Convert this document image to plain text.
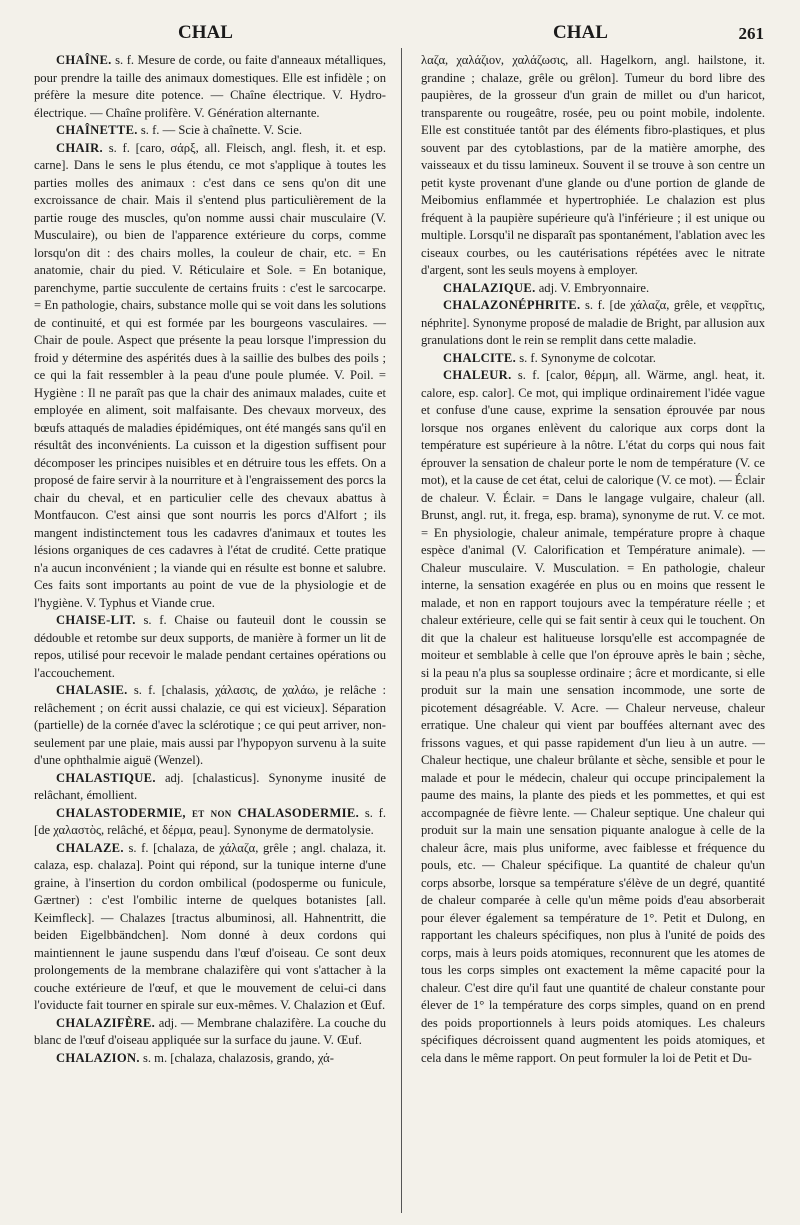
CHAL	CHAL	261

CHAÎNE. s. f. Mesure de corde, ou faite d'anneaux métalliques, pour prendre la taille des animaux domestiques. Elle est infidèle ; on préfère la mesure dite potence. — Chaîne électrique. V. Hydro-électrique. — Chaîne prolifère. V. Génération alternante.

CHAÎNETTE. s. f. — Scie à chaînette. V. Scie.

CHAIR. s. f. [caro, σάρξ, all. Fleisch, angl. flesh, it. et esp. carne]. Dans le sens le plus étendu, ce mot s'applique à toutes les parties molles des animaux : c'est dans ce sens qu'on dit une excroissance de chair. Mais il s'entend plus particulièrement de la partie rouge des muscles, qu'on nomme aussi chair musculaire (V. Musculaire), ou bien de l'apparence extérieure du corps, comme lorsqu'on dit : des chairs molles, la couleur de chair, etc. = En anatomie, chair du pied. V. Réticulaire et Sole. = En botanique, parenchyme, partie succulente de certains fruits : c'est le sarcocarpe. = En pathologie, chairs, substance molle qui se voit dans les solutions de continuité, et qui est formée par les bourgeons vasculaires. — Chair de poule. Aspect que présente la peau lorsque l'impression du froid y détermine des aspérités dues à la saillie des bulbes des poils ; ce qui la fait ressembler à la peau d'une poule plumée. V. Poil. = Hygiène : Il ne paraît pas que la chair des animaux malades, cuite et employée en aliment, soit malfaisante. Des chevaux morveux, des bœufs attaqués de maladies épidémiques, ont été mangés sans qu'il en résultât des inconvénients. La cuisson et la digestion suffisent pour décomposer les principes nuisibles et en détruire tous les effets. On a proposé de faire servir à la nourriture et à l'engraissement des porcs la chair du cheval, et en particulier celle des chevaux abattus à Montfaucon. C'est ainsi que sont nourris les porcs d'Alfort ; ils mangent indistinctement tous les cadavres d'animaux et toutes les lésions organiques de ces cadavres à l'état de crudité. Cette pratique n'a aucun inconvénient ; la viande qui en résulte est bonne et salubre. Ces faits sont importants au point de vue de la physiologie et de l'hygiène. V. Typhus et Viande crue.

CHAISE-LIT. s. f. Chaise ou fauteuil dont le coussin se dédouble et retombe sur deux supports, de manière à former un lit de repos, utilisé pour recevoir le malade pendant certaines opérations ou l'accouchement.

CHALASIE. s. f. [chalasis, χάλασις, de χαλάω, je relâche : relâchement ; on écrit aussi chalazie, ce qui est vicieux]. Séparation (partielle) de la cornée d'avec la sclérotique ; ce qui peut arriver, non-seulement par une plaie, mais aussi par l'hypopyon survenu à la suite d'une ophthalmie aiguë (Wenzel).

CHALASTIQUE. adj. [chalasticus]. Synonyme inusité de relâchant, émollient.

CHALASTODERMIE, et non CHALASODERMIE. s. f. [de χαλαστὸς, relâché, et δέρμα, peau]. Synonyme de dermatolysie.

CHALAZE. s. f. [chalaza, de χάλαζα, grêle ; angl. chalaza, it. calaza, esp. chalaza]. Point qui répond, sur la tunique interne d'une graine, à l'insertion du cordon ombilical (podosperme ou funicule, Gærtner) : c'est l'ombilic interne de quelques botanistes [all. Keimfleck]. — Chalazes [tractus albuminosi, all. Hahnentritt, die beiden Eigelbbändchen]. Nom donné à deux cordons qui maintiennent le jaune suspendu dans l'œuf d'oiseau. Ce sont deux prolongements de la membrane chalazifère qui vont s'attacher à la couche extérieure de l'œuf, et que le mouvement de celui-ci dans l'oviducte fait tourner en spirale sur eux-mêmes. V. Chalazion et Œuf.

CHALAZIFÈRE. adj. — Membrane chalazifère. La couche du blanc de l'œuf d'oiseau appliquée sur la surface du jaune. V. Œuf.

CHALAZION. s. m. [chalaza, chalazosis, grando, χά-

λαζα, χαλάζιον, χαλάζωσις, all. Hagelkorn, angl. hailstone, it. grandine ; chalaze, grêle ou grêlon]. Tumeur du bord libre des paupières, de la grosseur d'un grain de millet ou d'un haricot, transparente ou rougeâtre, rosée, peu ou point mobile, indolente. Elle est constituée tantôt par des éléments fibro-plastiques, et plus souvent par des cytoblastions, par de la matière amorphe, des vaisseaux et du tissu lamineux. Souvent il se trouve à son centre un petit kyste provenant d'une glande ou d'une portion de glande de Meibomius enflammée et hypertrophiée. Le chalazion est plus fréquent à la paupière supérieure qu'à l'inférieure ; il est unique ou multiple. Lorsqu'il ne disparaît pas spontanément, l'ablation avec les ciseaux courbes, ou les cautérisations répétées avec le nitrate d'argent, sont les seuls moyens à employer.

CHALAZIQUE. adj. V. Embryonnaire.

CHALAZONÉPHRITE. s. f. [de χάλαζα, grêle, et νεφρῖτις, néphrite]. Synonyme proposé de maladie de Bright, par allusion aux granulations dont le rein se remplit dans cette maladie.

CHALCITE. s. f. Synonyme de colcotar.

CHALEUR. s. f. [calor, θέρμη, all. Wärme, angl. heat, it. calore, esp. calor]. Ce mot, qui implique ordinairement l'idée vague et confuse d'une cause, exprime la sensation éprouvée par nous lorsque nos organes enlèvent du calorique aux corps dont la température est supérieure à la nôtre. L'état du corps qui nous fait éprouver la sensation de chaleur porte le nom de température (V. ce mot), et la cause de cet état, celui de calorique (V. ce mot). — Éclair de chaleur. V. Éclair. = Dans le langage vulgaire, chaleur (all. Brunst, angl. rut, it. frega, esp. brama), synonyme de rut. V. ce mot. = En physiologie, chaleur animale, température propre à chaque espèce d'animal (V. Calorification et Température animale). — Chaleur musculaire. V. Musculation. = En pathologie, chaleur interne, la sensation exagérée en plus ou en moins que ressent le malade, et non en rapport toujours avec la température réelle ; et chaleur extérieure, celle qui se fait sentir à ceux qui le touchent. On dit que la chaleur est halitueuse lorsqu'elle est accompagnée de moiteur et semblable à celle que l'on éprouve après le bain ; sèche, si la peau n'a plus sa souplesse ordinaire ; âcre et mordicante, si elle produit sur la main une sensation incommode, une sorte de picotement désagréable. V. Acre. — Chaleur nerveuse, chaleur erratique. Une chaleur qui vient par bouffées alternant avec des frissons vagues, et qui passe rapidement d'un lieu à un autre. — Chaleur hectique, une chaleur brûlante et sèche, sensible et pour le malade et pour le médecin, chaleur qui occupe principalement la paume des mains, la plante des pieds et les pommettes, et qui est accompagnée de fièvre lente. — Chaleur septique. Une chaleur qui produit sur la main une sensation piquante analogue à celle de la chaleur âcre, mais plus uniforme, avec faiblesse et fréquence du pouls, etc. — Chaleur spécifique. La quantité de chaleur qu'un corps absorbe, lorsque sa température s'élève de un degré, quantité de chaleur comparée à celle qu'un même poids d'eau absorberait pour élever également sa température de 1°. Petit et Dulong, en rapportant les chaleurs spécifiques, non plus à l'unité de poids des corps, mais à leurs poids atomiques, reconnurent que les atomes de tous les corps simples ont exactement la même capacité pour la chaleur. C'est dire qu'il faut une quantité de chaleur constante pour élever de 1° la température des corps simples, quand on en prend des poids proportionnels à leurs poids atomiques. Les chaleurs spécifiques décroissent quand augmentent les poids atomiques, et cela dans le même rapport. On peut formuler la loi de Petit et Du-
